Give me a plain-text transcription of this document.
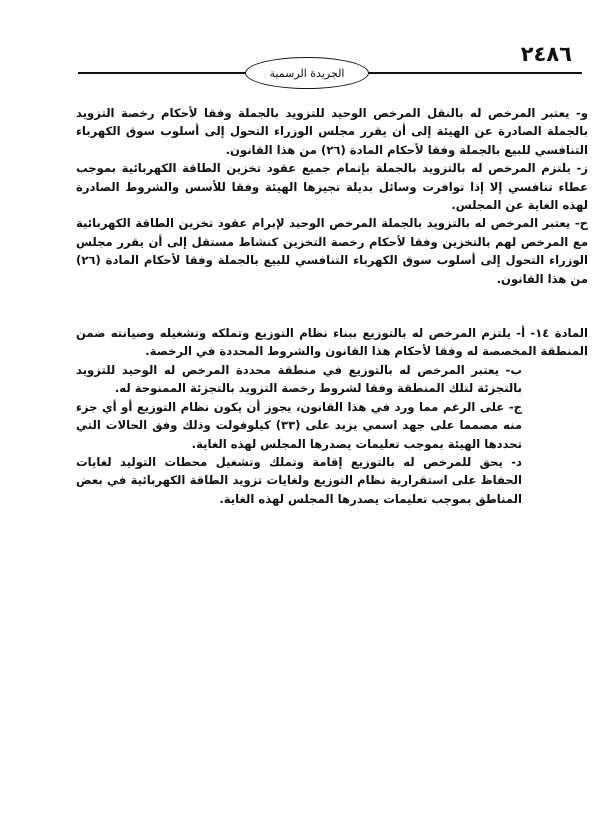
٢٤٨٦
الجريدة الرسمية

و- يعتبر المرخص له بالنقل المرخص الوحيد للتزويد بالجملة وفقا لأحكام رخصة التزويد بالجملة الصادرة عن الهيئة إلى أن يقرر مجلس الوزراء التحول إلى أسلوب سوق الكهرباء التنافسي للبيع بالجملة وفقا لأحكام المادة (٢٦) من هذا القانون.

ز- يلتزم المرخص له بالتزويد بالجملة بإتمام جميع عقود تخزين الطاقة الكهربائية بموجب عطاء تنافسي إلا إذا توافرت وسائل بديلة تجيزها الهيئة وفقا للأسس والشروط الصادرة لهذه الغاية عن المجلس.

ح- يعتبر المرخص له بالتزويد بالجملة المرخص الوحيد لإبرام عقود تخزين الطاقة الكهربائية مع المرخص لهم بالتخزين وفقا لأحكام رخصة التخزين كنشاط مستقل إلى أن يقرر مجلس الوزراء التحول إلى أسلوب سوق الكهرباء التنافسي للبيع بالجملة وفقا لأحكام المادة (٢٦) من هذا القانون.

المادة ١٤- أ- يلتزم المرخص له بالتوزيع ببناء نظام التوزيع وتملكه وتشغيله وصيانته ضمن المنطقة المخصصة له وفقا لأحكام هذا القانون والشروط المحددة في الرخصة.

ب- يعتبر المرخص له بالتوزيع في منطقة محددة المرخص له الوحيد للتزويد بالتجزئة لتلك المنطقة وفقا لشروط رخصة التزويد بالتجزئة الممنوحة له.

ج- على الرغم مما ورد في هذا القانون، يجوز أن يكون نظام التوزيع أو أي جزء منه مصمما على جهد اسمي يزيد على (٣٣) كيلوفولت وذلك وفق الحالات التي تحددها الهيئة بموجب تعليمات يصدرها المجلس لهذه الغاية.

د- يحق للمرخص له بالتوزيع إقامة وتملك وتشغيل محطات التوليد لغايات الحفاظ على استقرارية نظام التوزيع ولغايات تزويد الطاقة الكهربائية في بعض المناطق بموجب تعليمات يصدرها المجلس لهذه الغاية.
